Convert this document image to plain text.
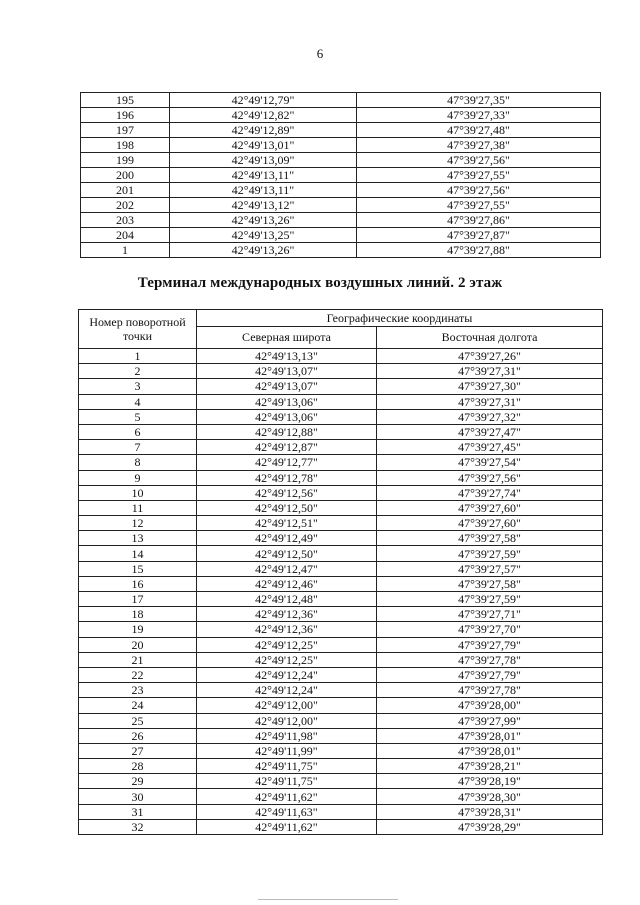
6
195	42°49'12,79"	47°39'27,35"
196	42°49'12,82"	47°39'27,33"
197	42°49'12,89"	47°39'27,48"
198	42°49'13,01"	47°39'27,38"
199	42°49'13,09"	47°39'27,56"
200	42°49'13,11"	47°39'27,55"
201	42°49'13,11"	47°39'27,56"
202	42°49'13,12"	47°39'27,55"
203	42°49'13,26"	47°39'27,86"
204	42°49'13,25"	47°39'27,87"
1	42°49'13,26"	47°39'27,88"
Терминал международных воздушных линий. 2 этаж
Номер поворотной точки	Географические координаты	
	Северная широта	Восточная долгота
1	42°49'13,13"	47°39'27,26"
2	42°49'13,07"	47°39'27,31"
3	42°49'13,07"	47°39'27,30"
4	42°49'13,06"	47°39'27,31"
5	42°49'13,06"	47°39'27,32"
6	42°49'12,88"	47°39'27,47"
7	42°49'12,87"	47°39'27,45"
8	42°49'12,77"	47°39'27,54"
9	42°49'12,78"	47°39'27,56"
10	42°49'12,56"	47°39'27,74"
11	42°49'12,50"	47°39'27,60"
12	42°49'12,51"	47°39'27,60"
13	42°49'12,49"	47°39'27,58"
14	42°49'12,50"	47°39'27,59"
15	42°49'12,47"	47°39'27,57"
16	42°49'12,46"	47°39'27,58"
17	42°49'12,48"	47°39'27,59"
18	42°49'12,36"	47°39'27,71"
19	42°49'12,36"	47°39'27,70"
20	42°49'12,25"	47°39'27,79"
21	42°49'12,25"	47°39'27,78"
22	42°49'12,24"	47°39'27,79"
23	42°49'12,24"	47°39'27,78"
24	42°49'12,00"	47°39'28,00"
25	42°49'12,00"	47°39'27,99"
26	42°49'11,98"	47°39'28,01"
27	42°49'11,99"	47°39'28,01"
28	42°49'11,75"	47°39'28,21"
29	42°49'11,75"	47°39'28,19"
30	42°49'11,62"	47°39'28,30"
31	42°49'11,63"	47°39'28,31"
32	42°49'11,62"	47°39'28,29"
